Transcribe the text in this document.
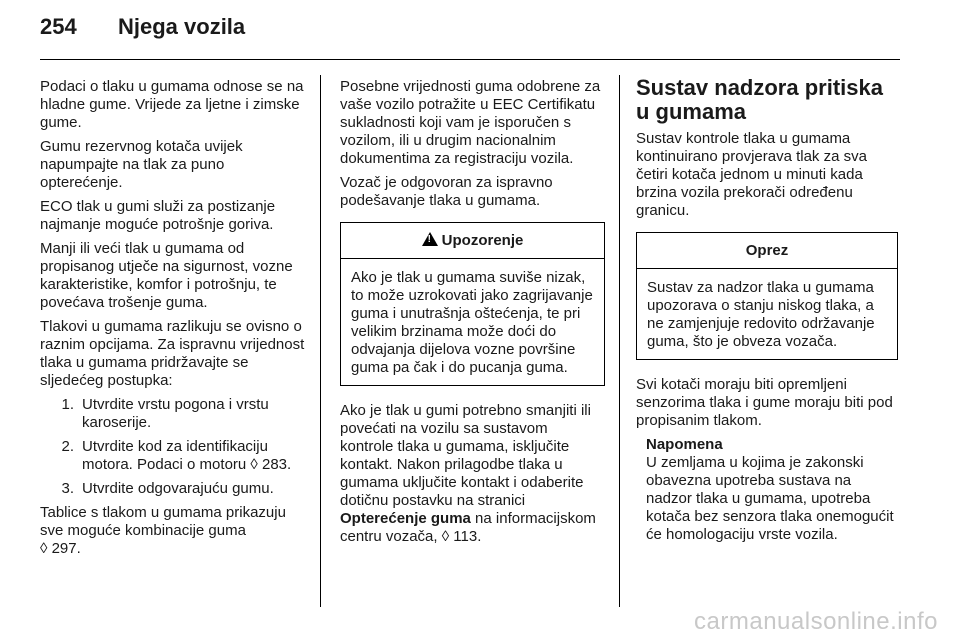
254	Njega vozila

Podaci o tlaku u gumama odnose se na hladne gume. Vrijede za ljetne i zimske gume.

Gumu rezervnog kotača uvijek napumpajte na tlak za puno opterećenje.

ECO tlak u gumi služi za postizanje najmanje moguće potrošnje goriva.

Manji ili veći tlak u gumama od propisanog utječe na sigurnost, vozne karakteristike, komfor i potrošnju, te povećava trošenje guma.

Tlakovi u gumama razlikuju se ovisno o raznim opcijama. Za ispravnu vrijednost tlaka u gumama pridržavajte se sljedećeg postupka:

1. Utvrdite vrstu pogona i vrstu karoserije.
2. Utvrdite kod za identifikaciju motora. Podaci o motoru ◊ 283.
3. Utvrdite odgovarajuću gumu.

Tablice s tlakom u gumama prikazuju sve moguće kombinacije guma
◊ 297.

Posebne vrijednosti guma odobrene za vaše vozilo potražite u EEC Certifikatu sukladnosti koji vam je isporučen s vozilom, ili u drugim nacionalnim dokumentima za registraciju vozila.

Vozač je odgovoran za ispravno podešavanje tlaka u gumama.

!Upozorenje
Ako je tlak u gumama suviše nizak, to može uzrokovati jako zagrijavanje guma i unutrašnja oštećenja, te pri velikim brzinama može doći do odvajanja dijelova vozne površine guma pa čak i do pucanja guma.

Ako je tlak u gumi potrebno smanjiti ili povećati na vozilu sa sustavom kontrole tlaka u gumama, isključite kontakt. Nakon prilagodbe tlaka u gumama uključite kontakt i odaberite dotičnu postavku na stranici Opterećenje guma na informacijskom centru vozača, ◊ 113.

Sustav nadzora pritiska u gumama

Sustav kontrole tlaka u gumama kontinuirano provjerava tlak za sva četiri kotača jednom u minuti kada brzina vozila prekorači određenu granicu.

Oprez
Sustav za nadzor tlaka u gumama upozorava o stanju niskog tlaka, a ne zamjenjuje redovito održavanje guma, što je obveza vozača.

Svi kotači moraju biti opremljeni senzorima tlaka i gume moraju biti pod propisanim tlakom.

Napomena
U zemljama u kojima je zakonski obavezna upotreba sustava na nadzor tlaka u gumama, upotreba kotača bez senzora tlaka onemogućit će homologaciju vrste vozila.
carmanualsonline.info
